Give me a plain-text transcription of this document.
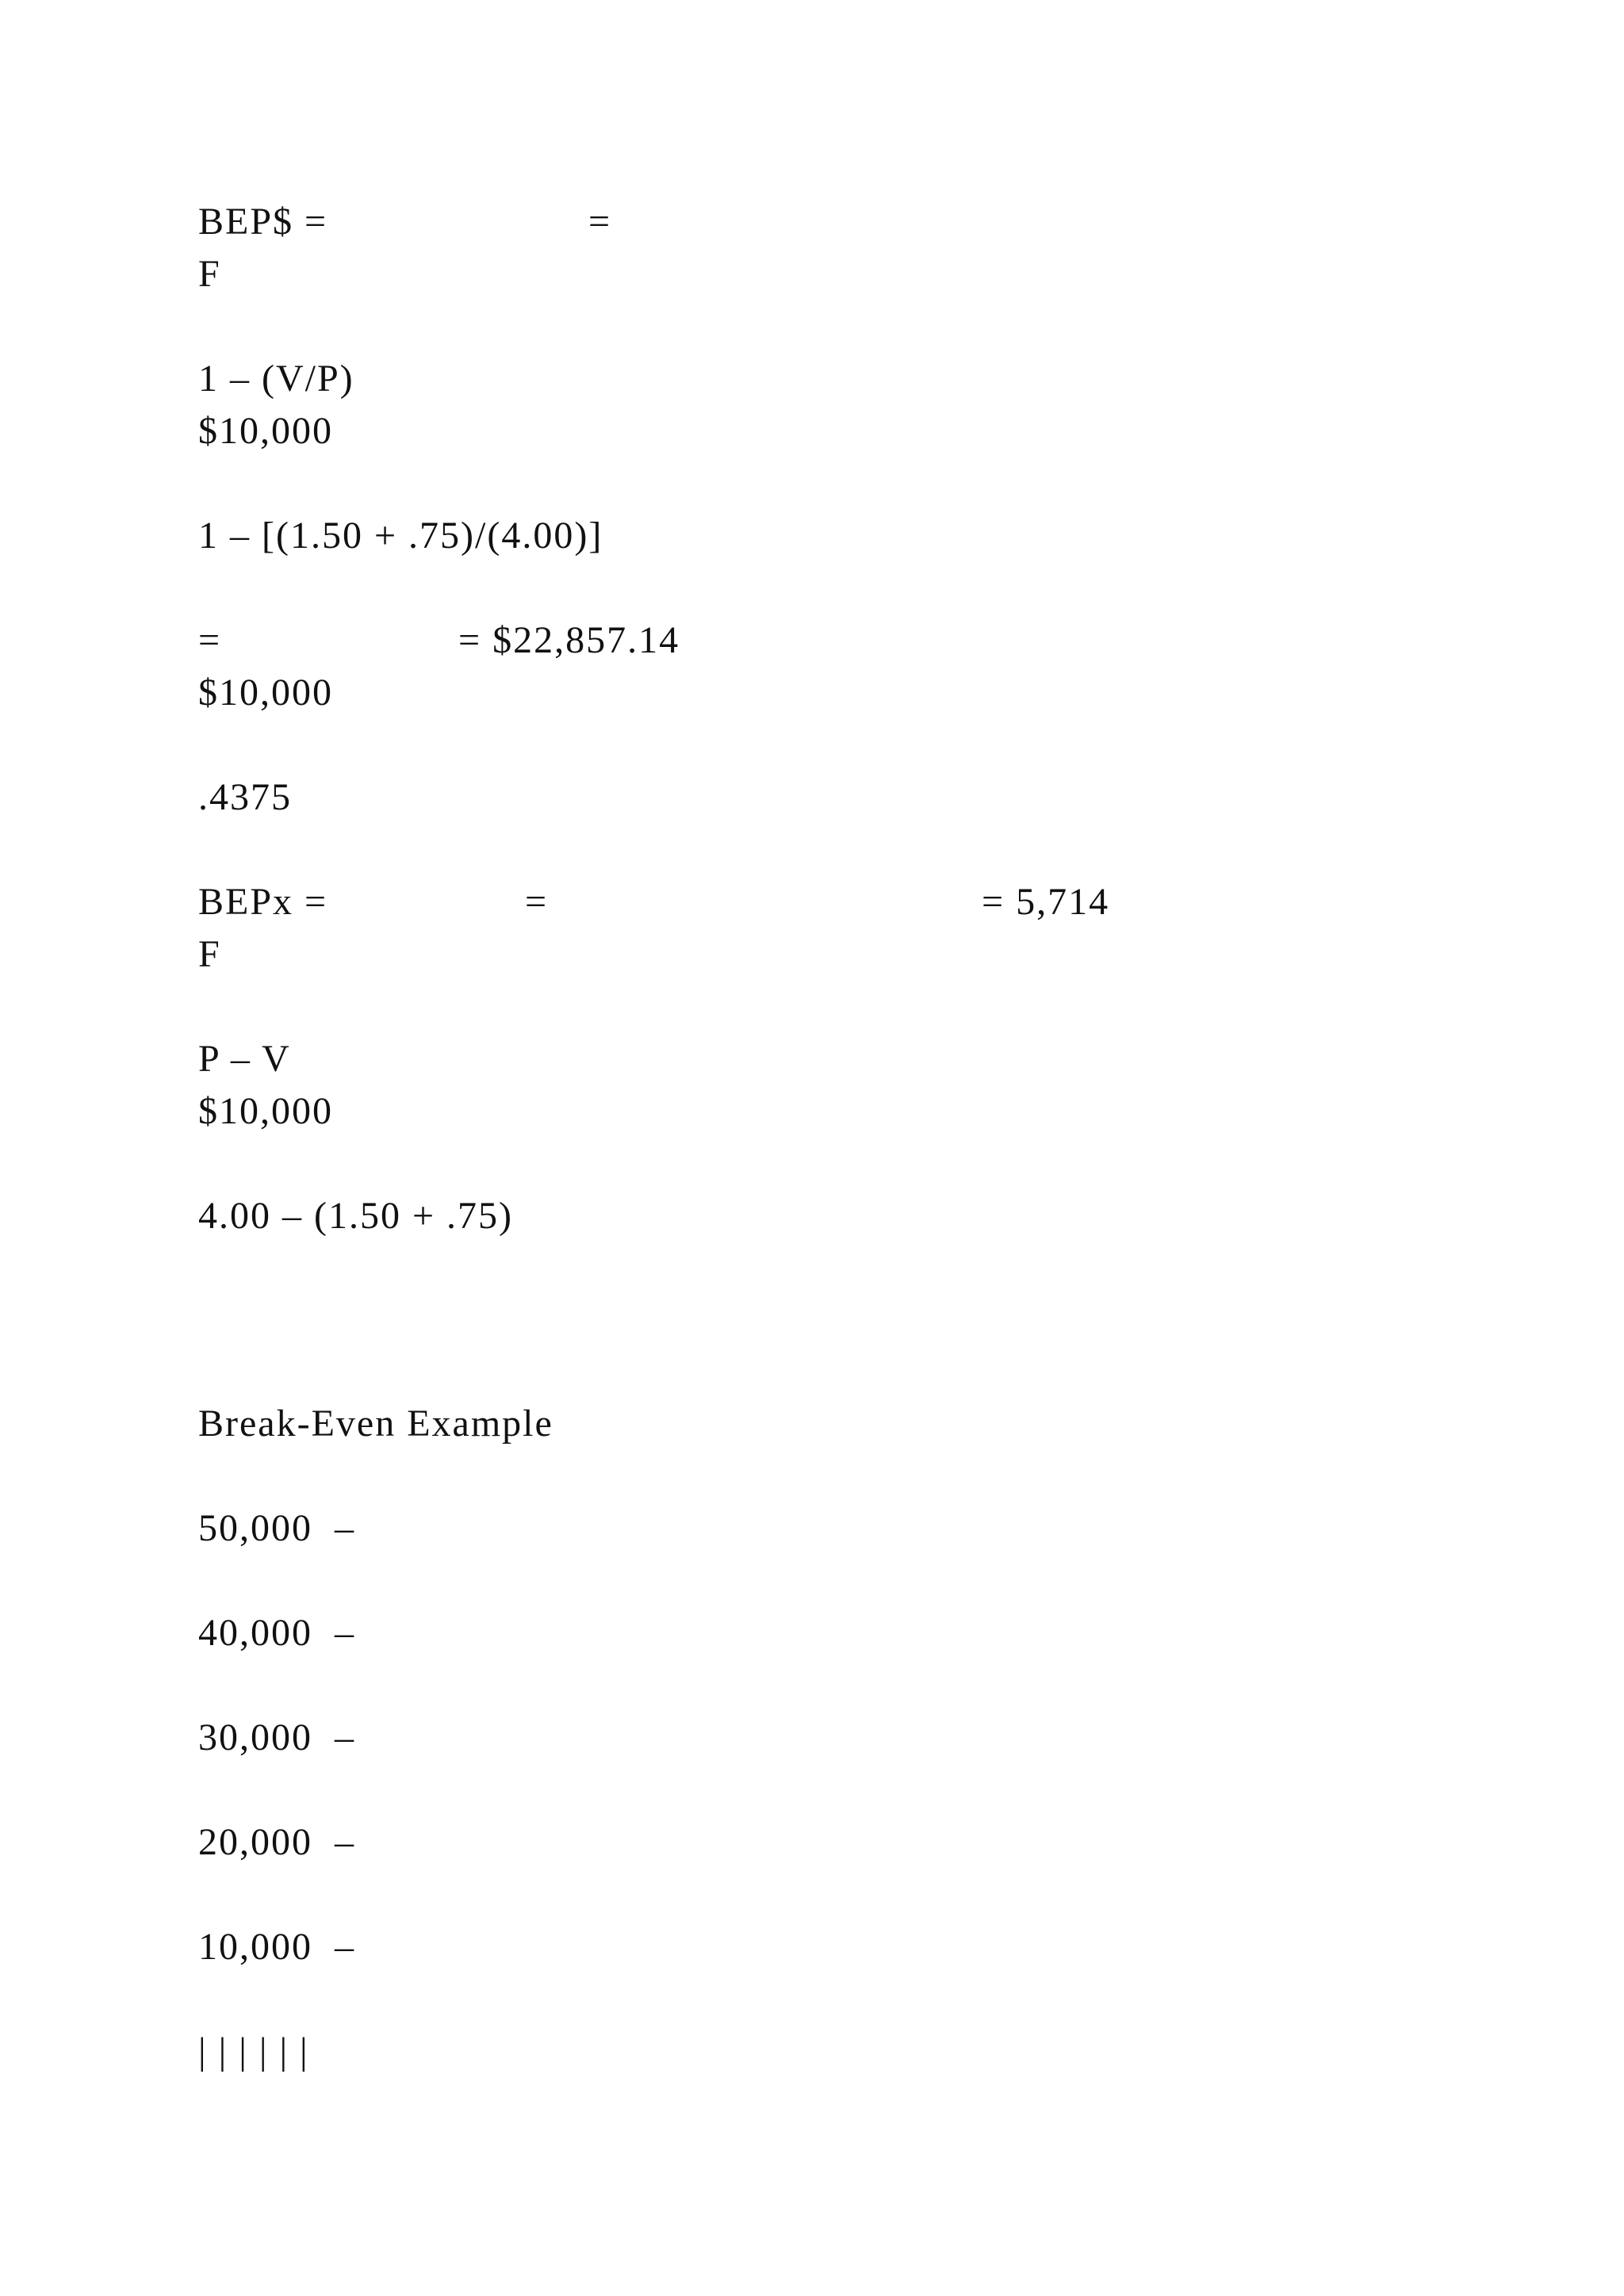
BEP$ =	=
F
1 – (V/P)
$10,000
1 – [(1.50 + .75)/(4.00)]
=	= $22,857.14
$10,000
.4375
BEPx =	=	= 5,714
F
P – V
$10,000
4.00 – (1.50 + .75)
Break-Even Example
50,000  –
40,000  –
30,000  –
20,000  –
10,000  –
| | | | | |
